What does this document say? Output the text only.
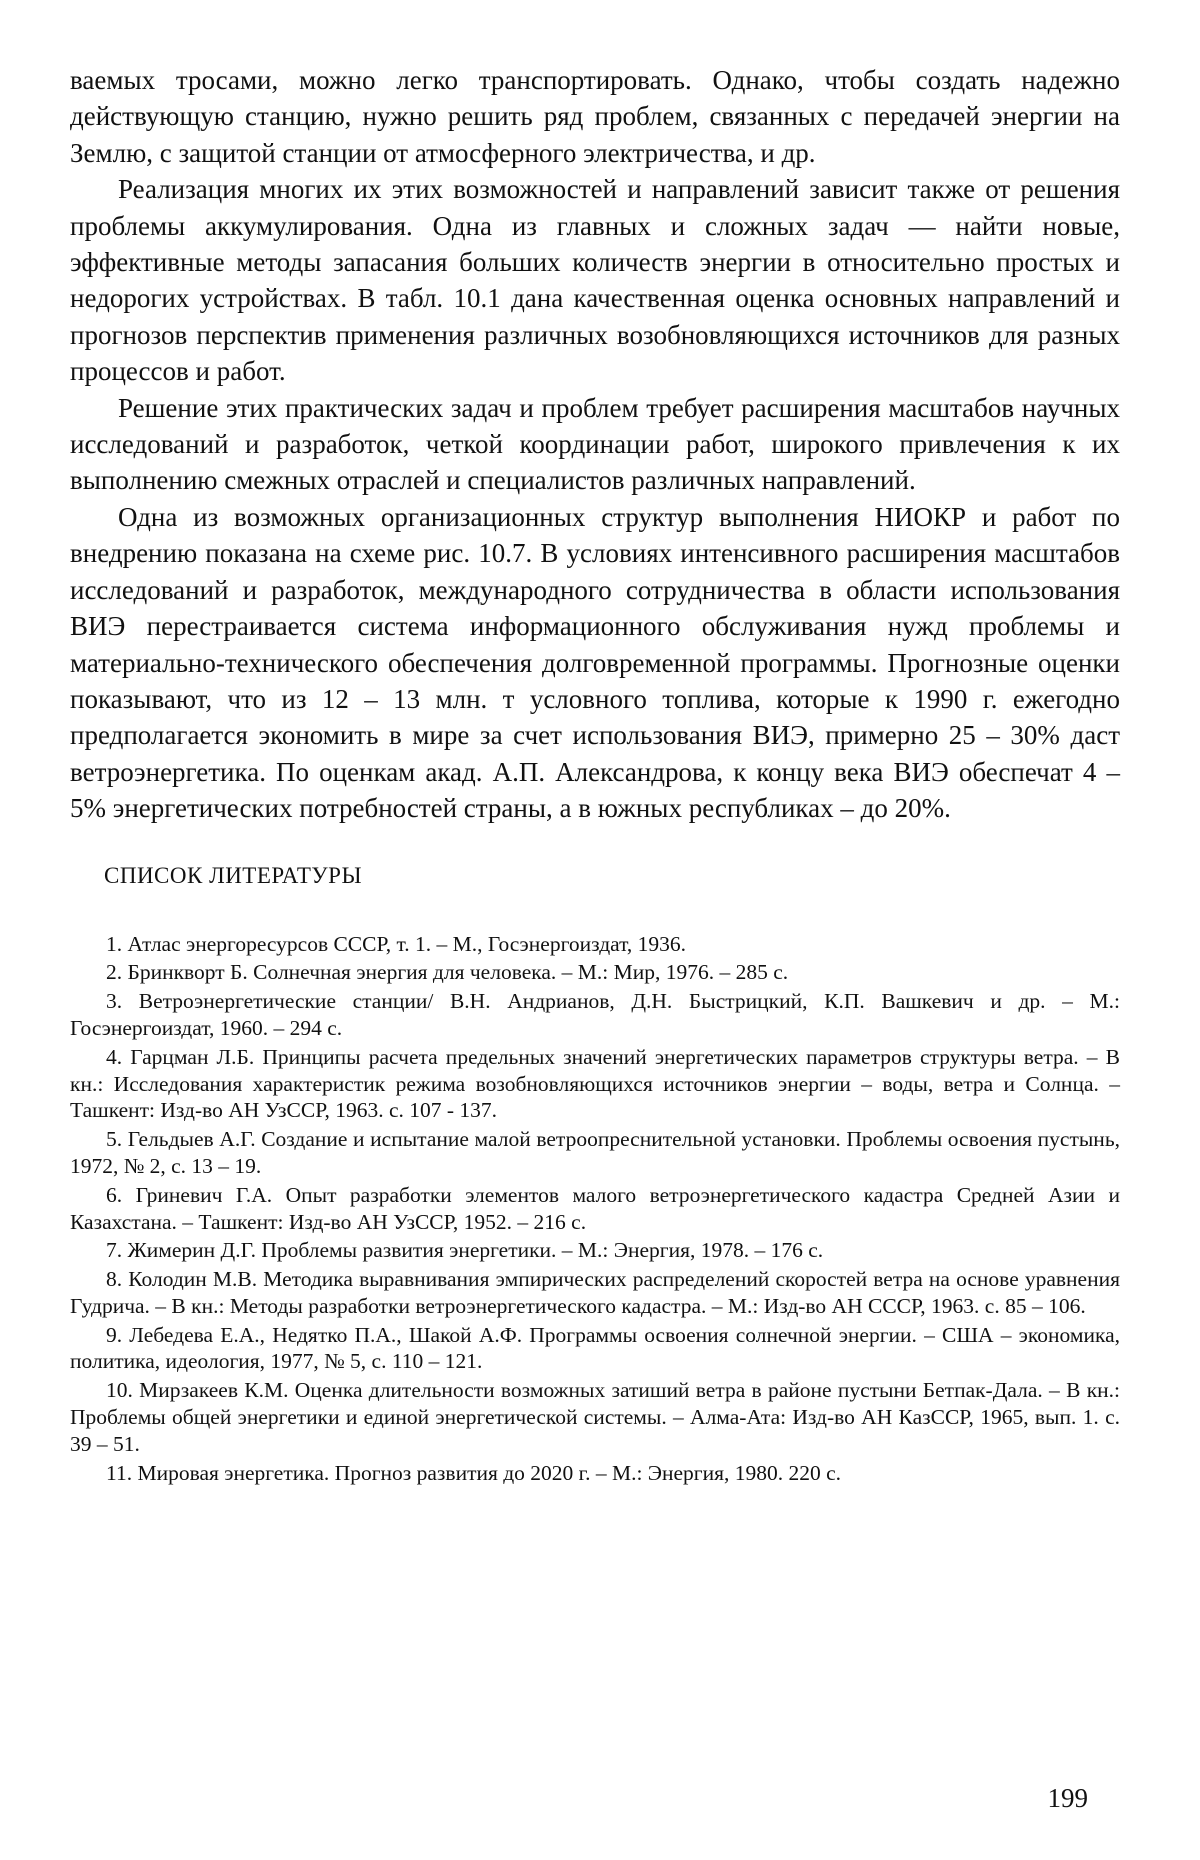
ваемых тросами, можно легко транспортировать. Однако, чтобы создать надежно действующую станцию, нужно решить ряд проблем, связанных с передачей энергии на Землю, с защитой станции от атмосферного электричества, и др.

Реализация многих их этих возможностей и направлений зависит также от решения проблемы аккумулирования. Одна из главных и сложных задач — найти новые, эффективные методы запасания больших количеств энергии в относительно простых и недорогих устройствах. В табл. 10.1 дана качественная оценка основных направлений и прогнозов перспектив применения различных возобновляющихся источников для разных процессов и работ.

Решение этих практических задач и проблем требует расширения масштабов научных исследований и разработок, четкой координации работ, широкого привлечения к их выполнению смежных отраслей и специалистов различных направлений.

Одна из возможных организационных структур выполнения НИОКР и работ по внедрению показана на схеме рис. 10.7. В условиях интенсивного расширения масштабов исследований и разработок, международного сотрудничества в области использования ВИЭ перестраивается система информационного обслуживания нужд проблемы и материально-технического обеспечения долговременной программы. Прогнозные оценки показывают, что из 12 – 13 млн. т условного топлива, которые к 1990 г. ежегодно предполагается экономить в мире за счет использования ВИЭ, примерно 25 – 30% даст ветроэнергетика. По оценкам акад. А.П. Александрова, к концу века ВИЭ обеспечат 4 – 5% энергетических потребностей страны, а в южных республиках – до 20%.

СПИСОК ЛИТЕРАТУРЫ

1. Атлас энергоресурсов СССР, т. 1. – М., Госэнергоиздат, 1936.

2. Бринкворт Б. Солнечная энергия для человека. – М.: Мир, 1976. – 285 с.

3. Ветроэнергетические станции/ В.Н. Андрианов, Д.Н. Быстрицкий, К.П. Вашкевич и др. – М.: Госэнергоиздат, 1960. – 294 с.

4. Гарцман Л.Б. Принципы расчета предельных значений энергетических параметров структуры ветра. – В кн.: Исследования характеристик режима возобновляющихся источников энергии – воды, ветра и Солнца. – Ташкент: Изд-во АН УзССР, 1963. с. 107 - 137.

5. Гельдыев А.Г. Создание и испытание малой ветроопреснительной установки. Проблемы освоения пустынь, 1972, № 2, с. 13 – 19.

6. Гриневич Г.А. Опыт разработки элементов малого ветроэнергетического кадастра Средней Азии и Казахстана. – Ташкент: Изд-во АН УзССР, 1952. – 216 с.

7. Жимерин Д.Г. Проблемы развития энергетики. – М.: Энергия, 1978. – 176 с.

8. Колодин М.В. Методика выравнивания эмпирических распределений скоростей ветра на основе уравнения Гудрича. – В кн.: Методы разработки ветроэнергетического кадастра. – М.: Изд-во АН СССР, 1963. с. 85 – 106.

9. Лебедева Е.А., Недятко П.А., Шакой А.Ф. Программы освоения солнечной энергии. – США – экономика, политика, идеология, 1977, № 5, с. 110 – 121.

10. Мирзакеев К.М. Оценка длительности возможных затиший ветра в районе пустыни Бетпак-Дала. – В кн.: Проблемы общей энергетики и единой энергетической системы. – Алма-Ата: Изд-во АН КазССР, 1965, вып. 1. с. 39 – 51.

11. Мировая энергетика. Прогноз развития до 2020 г. – М.: Энергия, 1980. 220 с.

199
